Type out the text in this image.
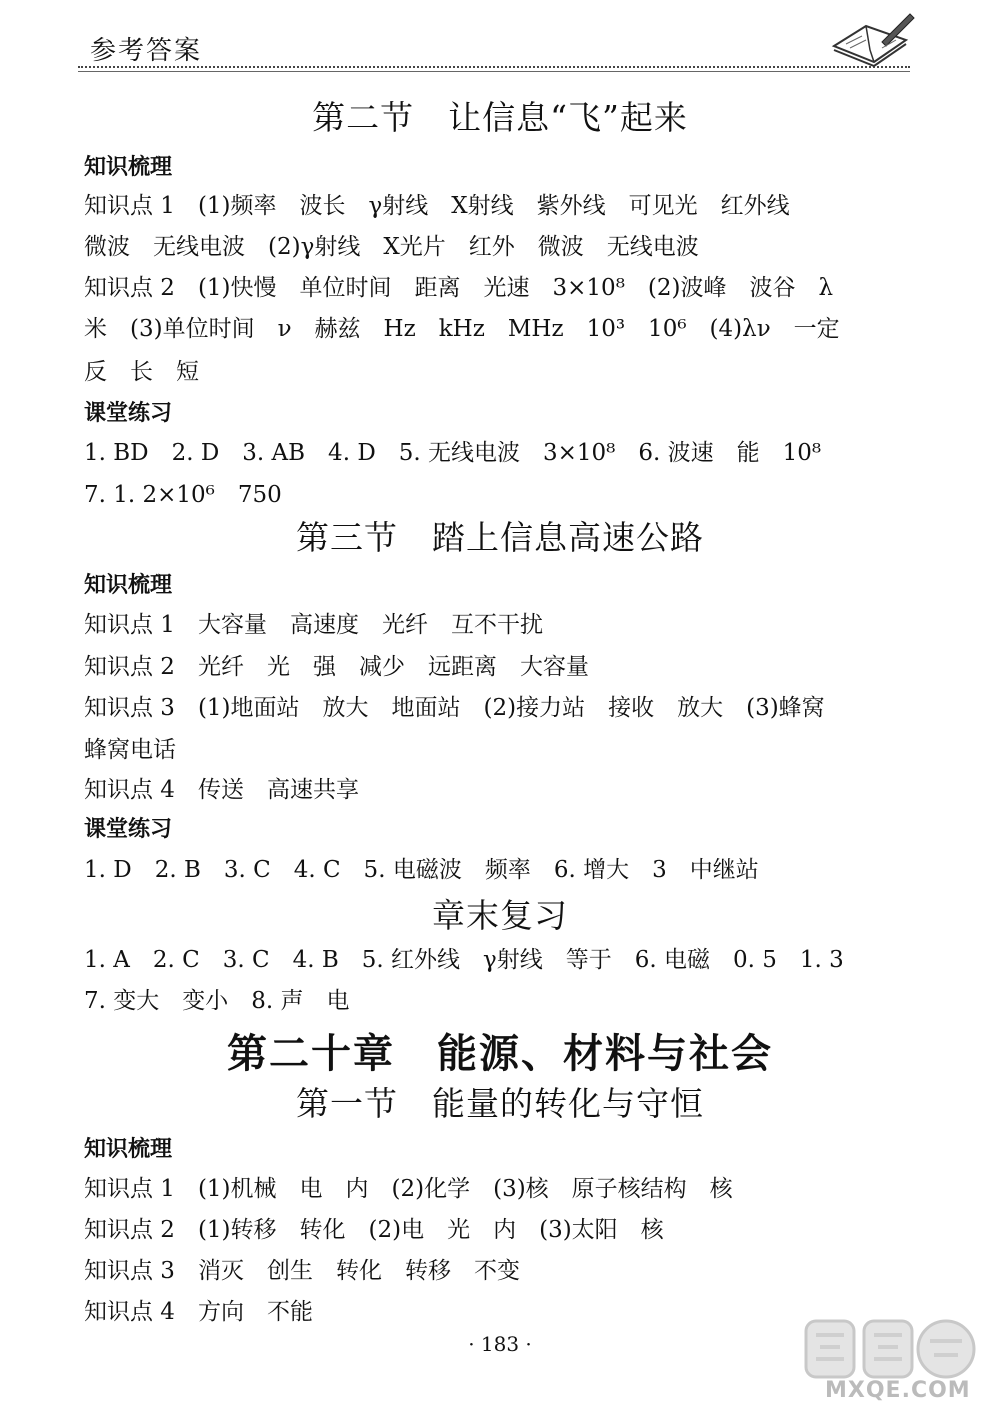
参考答案
第二节　让信息“飞”起来
知识梳理
知识点 1　(1)频率　波长　γ射线　X射线　紫外线　可见光　红外线
微波　无线电波　(2)γ射线　X光片　红外　微波　无线电波
知识点 2　(1)快慢　单位时间　距离　光速　3×10⁸　(2)波峰　波谷　λ
米　(3)单位时间　ν　赫兹　Hz　kHz　MHz　10³　10⁶　(4)λν　一定
反　长　短
课堂练习
1. BD　2. D　3. AB　4. D　5. 无线电波　3×10⁸　6. 波速　能　10⁸
7. 1. 2×10⁶　750
第三节　踏上信息高速公路
知识梳理
知识点 1　大容量　高速度　光纤　互不干扰
知识点 2　光纤　光　强　减少　远距离　大容量
知识点 3　(1)地面站　放大　地面站　(2)接力站　接收　放大　(3)蜂窝
蜂窝电话
知识点 4　传送　高速共享
课堂练习
1. D　2. B　3. C　4. C　5. 电磁波　频率　6. 增大　3　中继站
章末复习
1. A　2. C　3. C　4. B　5. 红外线　γ射线　等于　6. 电磁　0. 5　1. 3
7. 变大　变小　8. 声　电
第二十章　能源、材料与社会
第一节　能量的转化与守恒
知识梳理
知识点 1　(1)机械　电　内　(2)化学　(3)核　原子核结构　核
知识点 2　(1)转移　转化　(2)电　光　内　(3)太阳　核
知识点 3　消灭　创生　转化　转移　不变
知识点 4　方向　不能
· 183 ·
MXQE.COM
